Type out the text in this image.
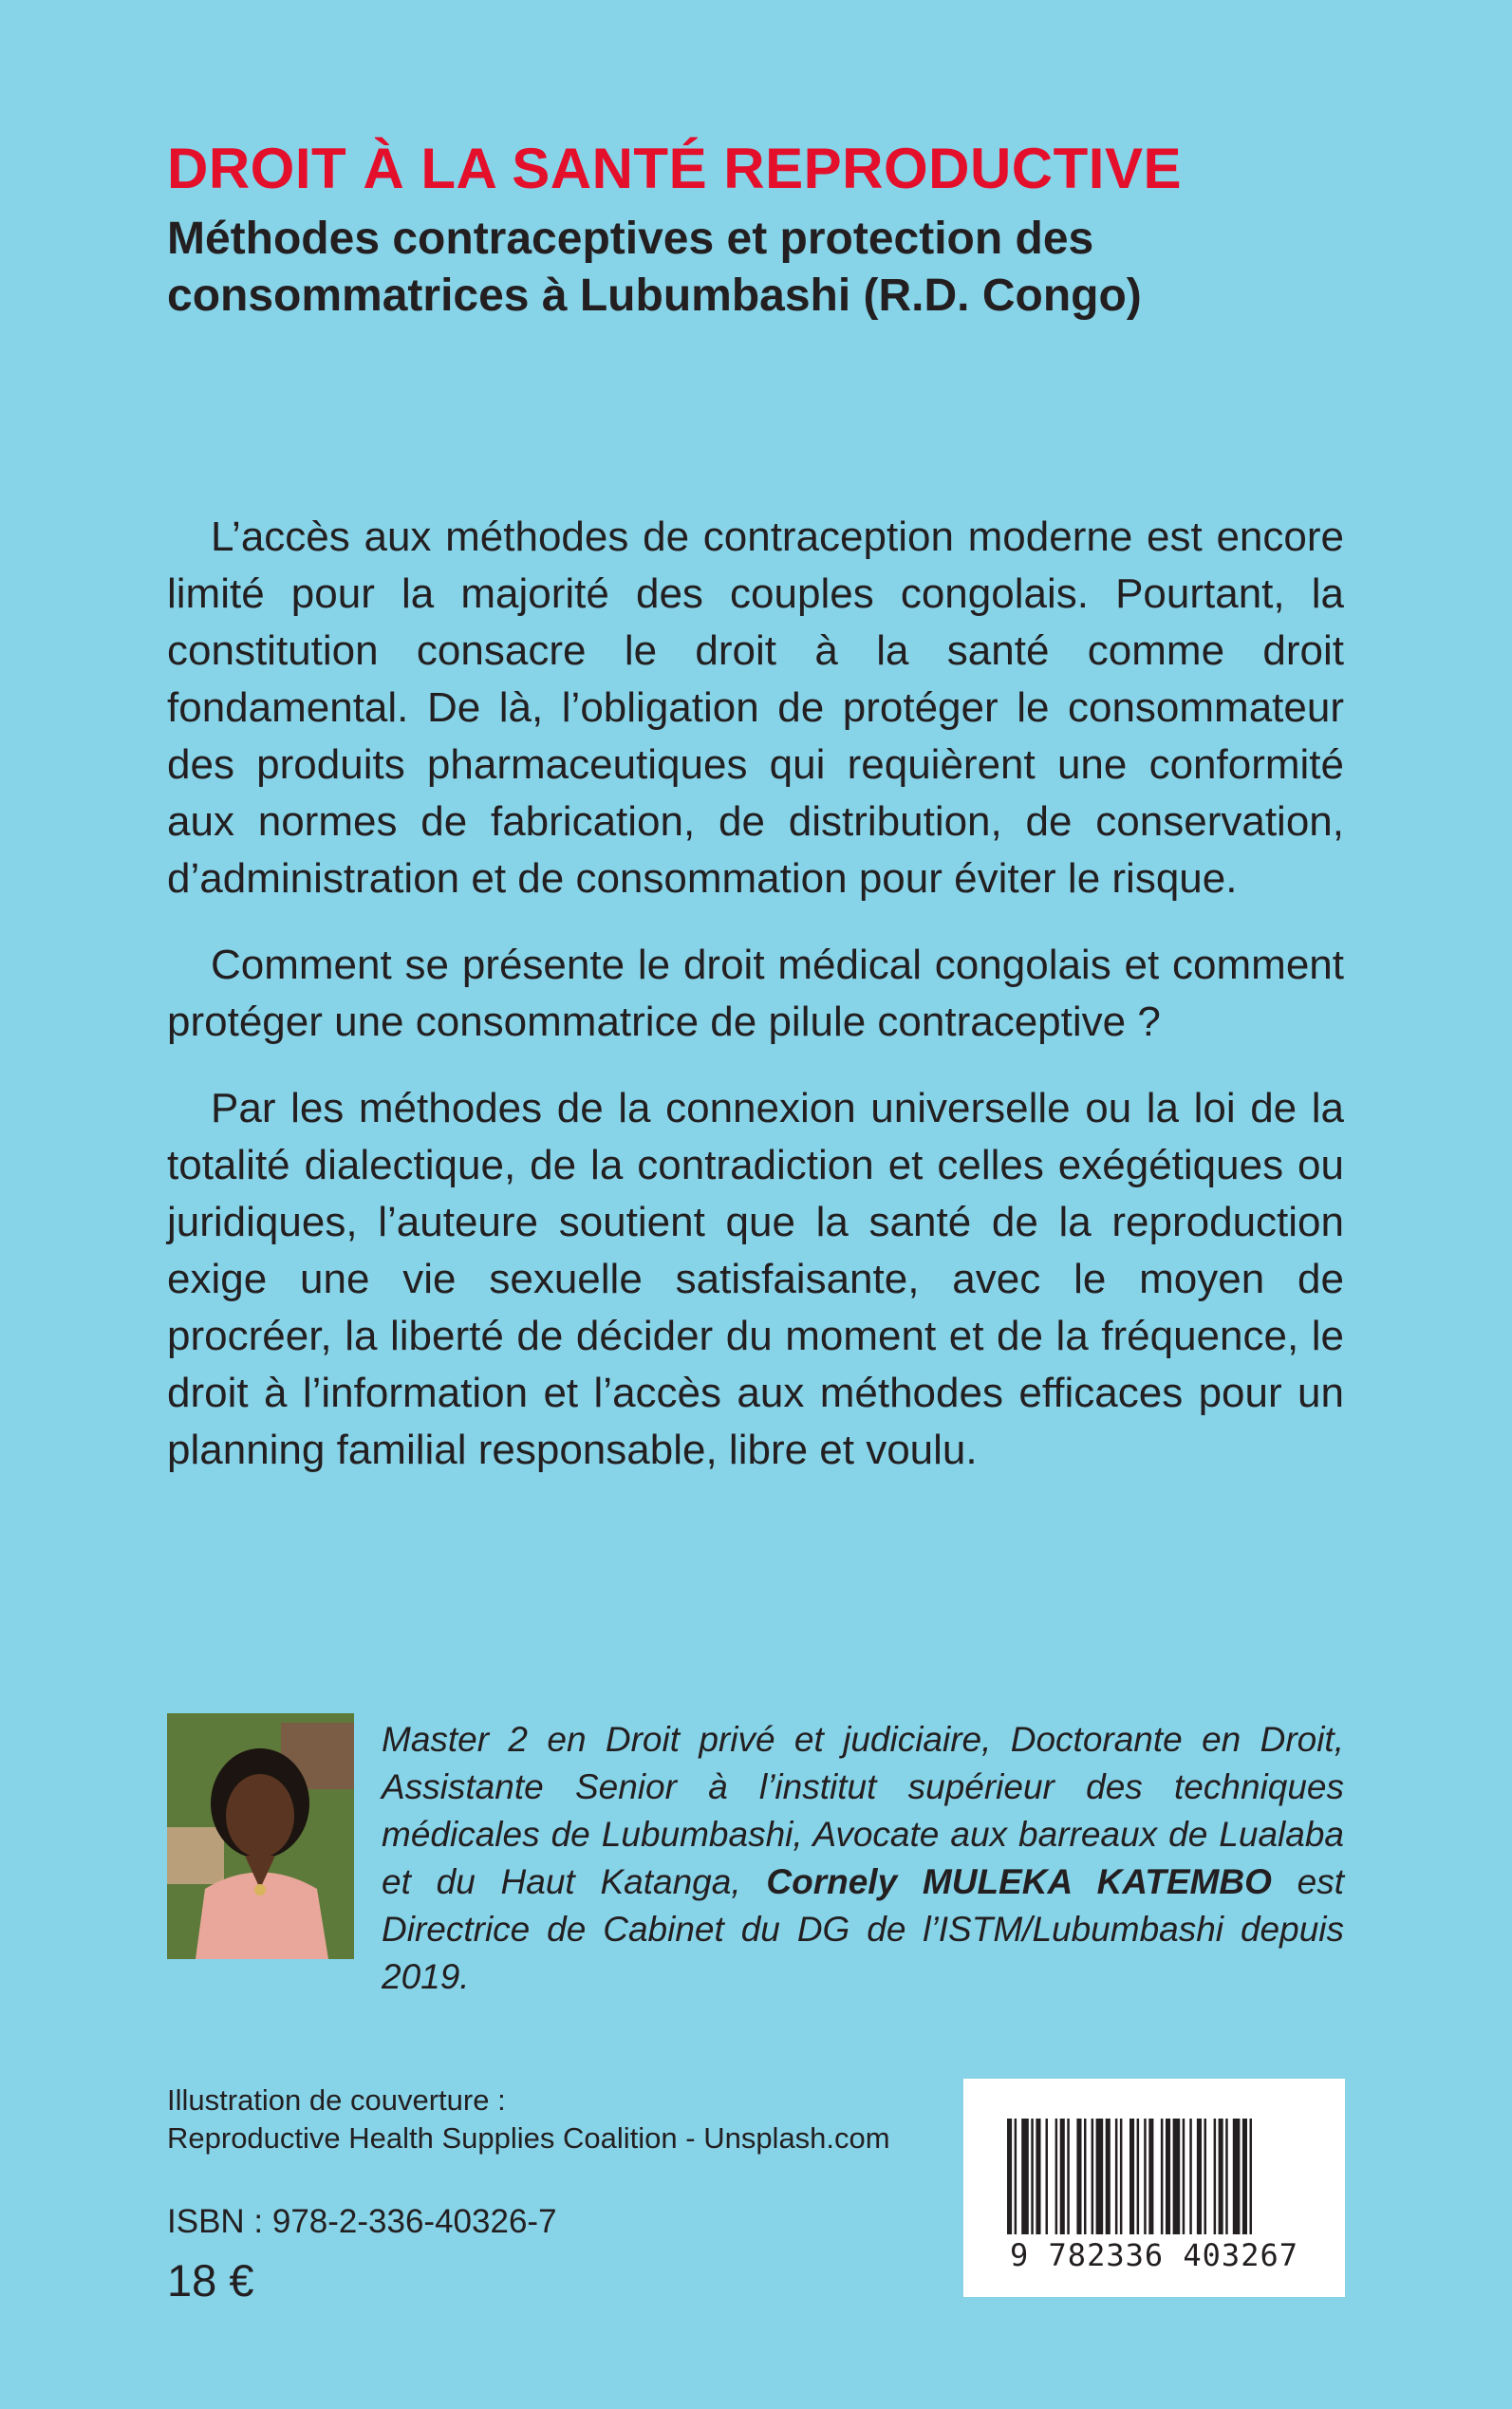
DROIT À LA SANTÉ REPRODUCTIVE
Méthodes contraceptives et protection des
consommatrices à Lubumbashi (R.D. Congo)

L’accès aux méthodes de contraception moderne est encore limité pour la majorité des couples congolais. Pourtant, la constitution consacre le droit à la santé comme droit fondamental. De là, l’obligation de protéger le consommateur des produits pharmaceutiques qui requièrent une conformité aux normes de fabrication, de distribution, de conservation, d’administration et de consommation pour éviter le risque.

Comment se présente le droit médical congolais et comment protéger une consommatrice de pilule contraceptive ?

Par les méthodes de la connexion universelle ou la loi de la totalité dialectique, de la contradiction et celles exégétiques ou juridiques, l’auteure soutient que la santé de la reproduction exige une vie sexuelle satisfaisante, avec le moyen de procréer, la liberté de décider du moment et de la fréquence, le droit à l’information et l’accès aux méthodes efficaces pour un planning familial responsable, libre et voulu.

Master 2 en Droit privé et judiciaire, Doctorante en Droit, Assistante Senior à l’institut supérieur des techniques médicales de Lubumbashi, Avocate aux barreaux de Lualaba et du Haut Katanga, Cornely MULEKA KATEMBO est Directrice de Cabinet du DG de l’ISTM/Lubumbashi depuis 2019.

Illustration de couverture :
Reproductive Health Supplies Coalition - Unsplash.com
ISBN : 978-2-336-40326-7
18 €	9 782336 403267
